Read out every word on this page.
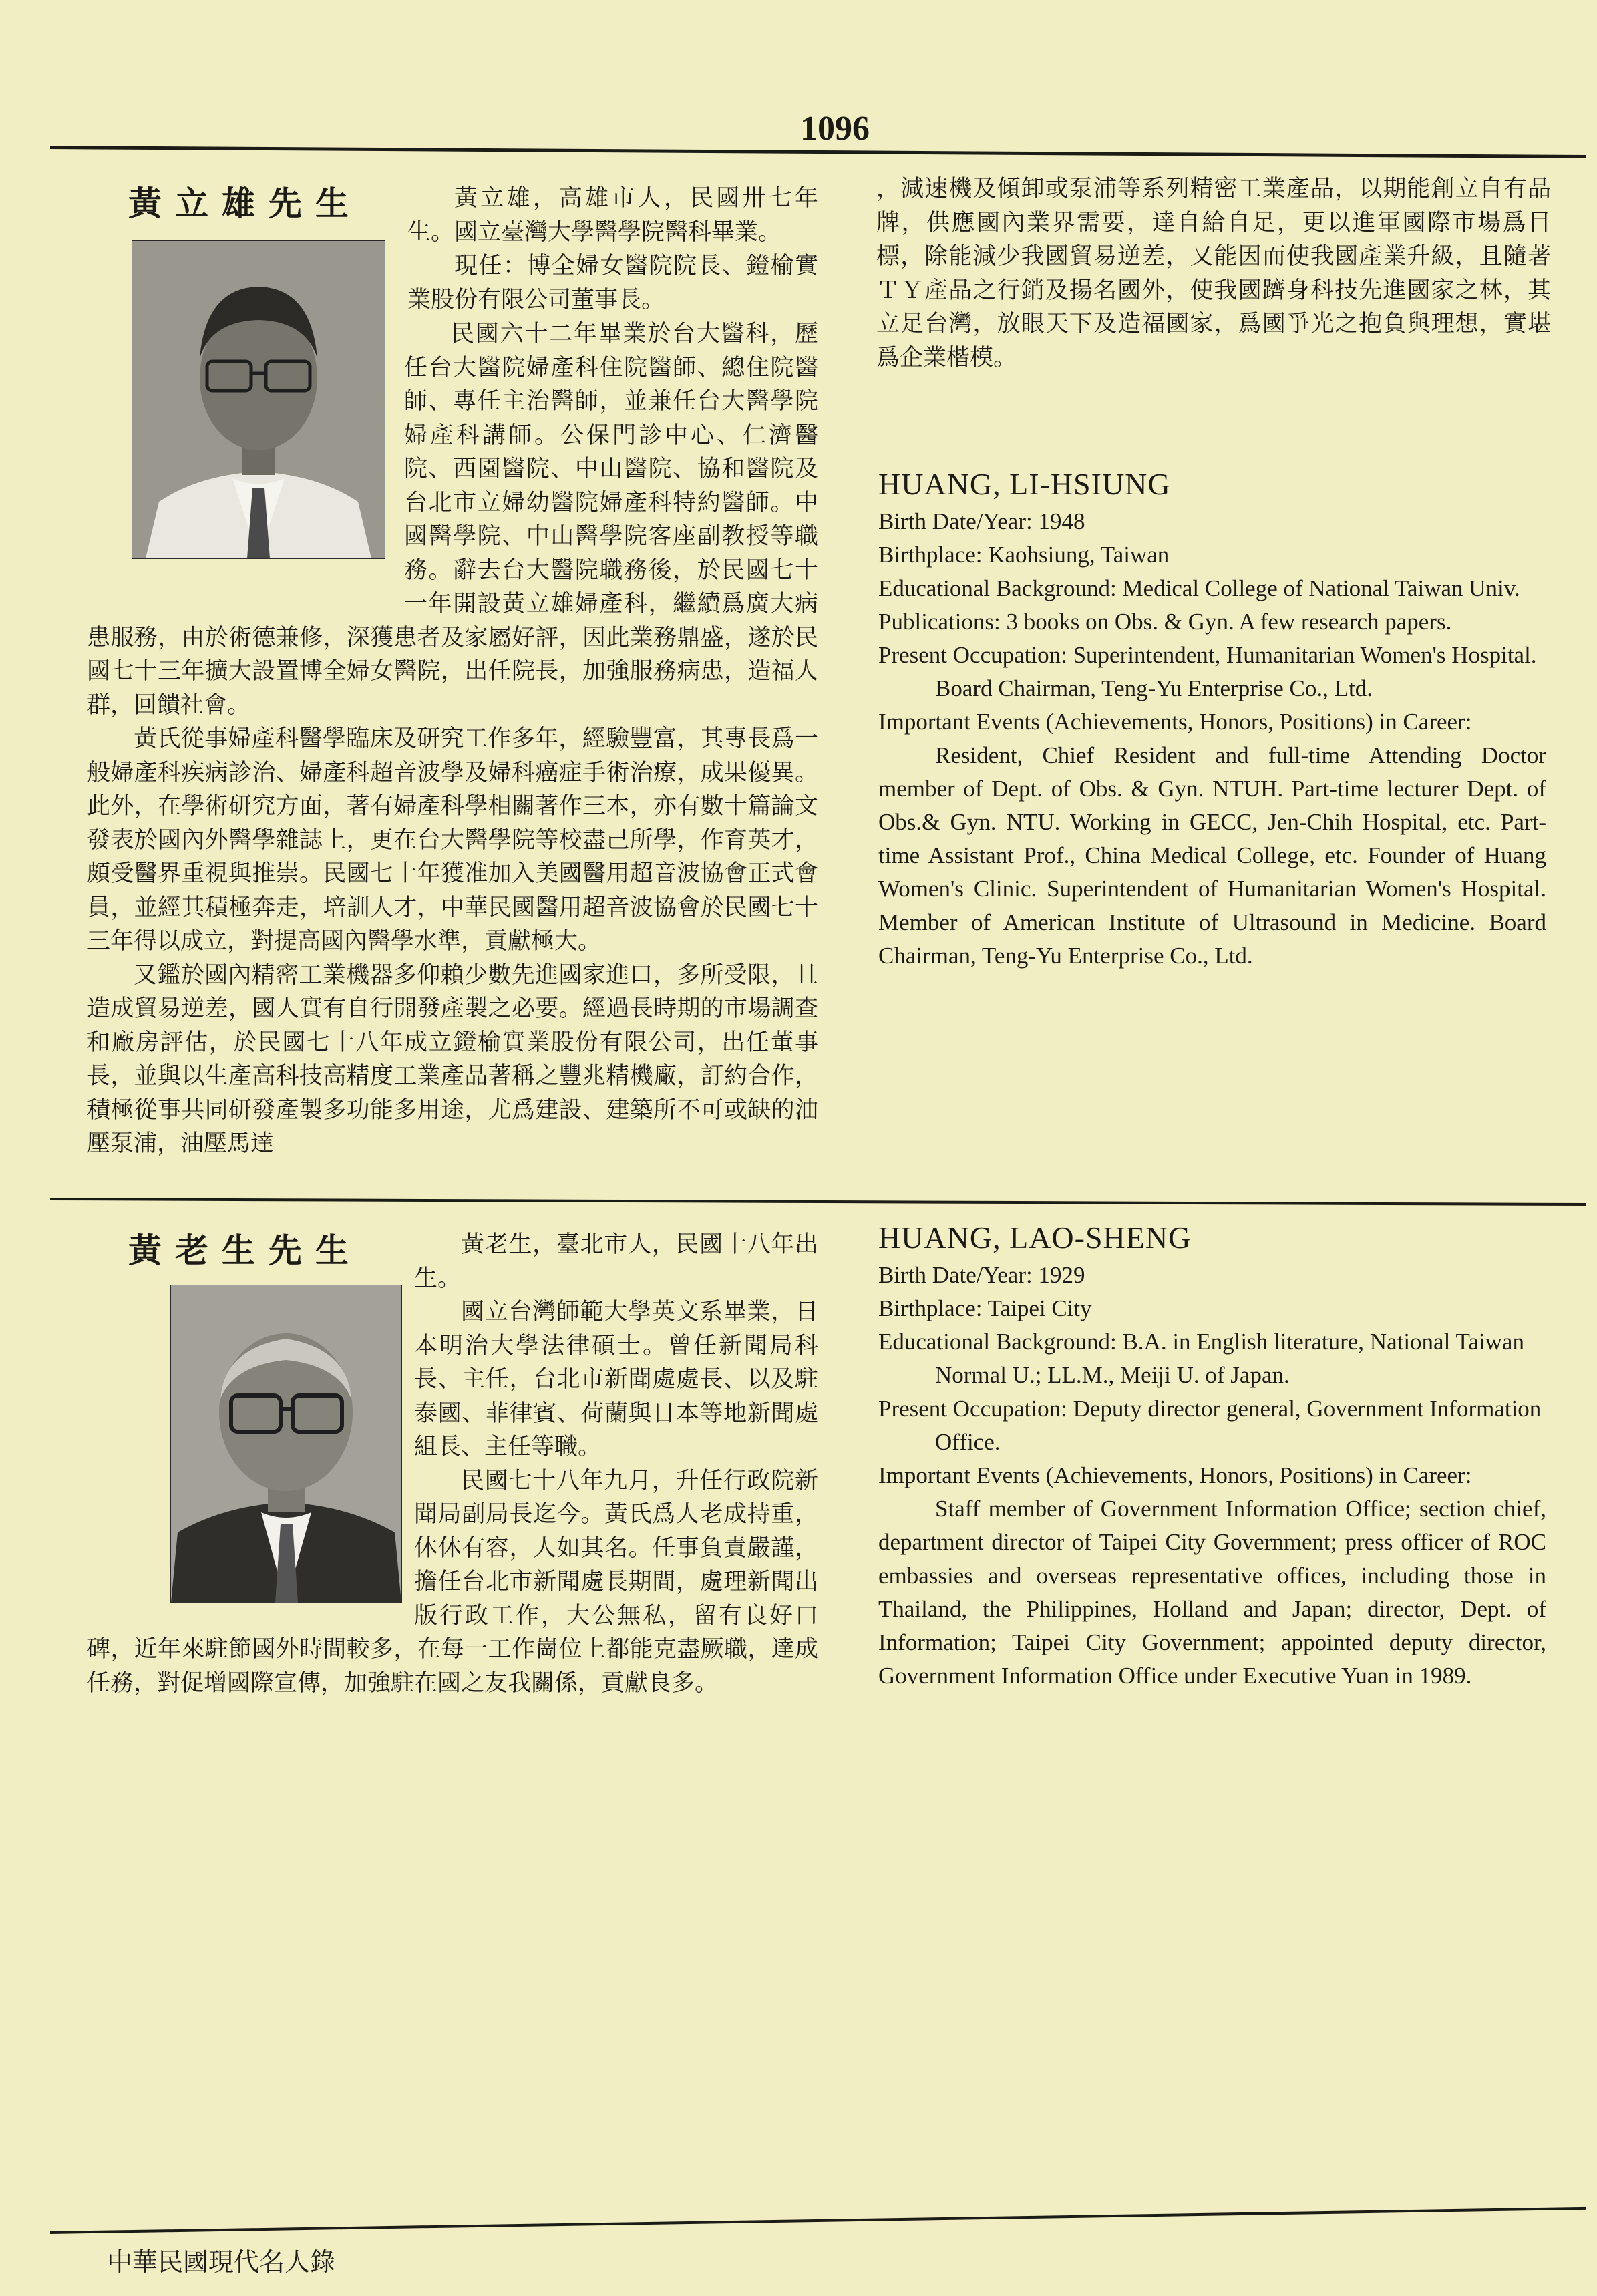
1096
黃立雄先生	黃立雄，高雄市人，民國卅七年生。國立臺灣大學醫學院醫科畢業。

現任：博全婦女醫院院長、鐙榆實業股份有限公司董事長。

民國六十二年畢業於台大醫科，歷任台大醫院婦產科住院醫師、總住院醫師、專任主治醫師，並兼任台大醫學院婦產科講師。公保門診中心、仁濟醫院、西園醫院、中山醫院、協和醫院及台北市立婦幼醫院婦產科特約醫師。中國醫學院、中山醫學院客座副教授等職務。辭去台大醫院職務後，於民國七十一年開設黃立雄婦產科，繼續爲廣大病患服務，由於術德兼修，深獲患者及家屬好評，因此業務鼎盛，遂於民國七十三年擴大設置博全婦女醫院，出任院長，加強服務病患，造福人群，回饋社會。

黃氏從事婦產科醫學臨床及研究工作多年，經驗豐富，其專長爲一般婦產科疾病診治、婦產科超音波學及婦科癌症手術治療，成果優異。此外，在學術研究方面，著有婦產科學相關著作三本，亦有數十篇論文發表於國內外醫學雜誌上，更在台大醫學院等校盡己所學，作育英才，頗受醫界重視與推崇。民國七十年獲准加入美國醫用超音波協會正式會員，並經其積極奔走，培訓人才，中華民國醫用超音波協會於民國七十三年得以成立，對提高國內醫學水準，貢獻極大。

又鑑於國內精密工業機器多仰賴少數先進國家進口，多所受限，且造成貿易逆差，國人實有自行開發產製之必要。經過長時期的市場調查和廠房評估，於民國七十八年成立鐙榆實業股份有限公司，出任董事長，並與以生產高科技高精度工業產品著稱之豐兆精機廠，訂約合作，積極從事共同研發產製多功能多用途，尤爲建設、建築所不可或缺的油壓泵浦，油壓馬達

，減速機及傾卸或泵浦等系列精密工業產品，以期能創立自有品牌，供應國內業界需要，達自給自足，更以進軍國際市場爲目標，除能減少我國貿易逆差，又能因而使我國產業升級，且隨著ＴＹ產品之行銷及揚名國外，使我國躋身科技先進國家之林，其立足台灣，放眼天下及造福國家，爲國爭光之抱負與理想，實堪爲企業楷模。

HUANG, LI-HSIUNG

Birth Date/Year: 1948

Birthplace: Kaohsiung, Taiwan

Educational Background: Medical College of National Taiwan Univ.

Publications: 3 books on Obs. & Gyn. A few research papers.

Present Occupation: Superintendent, Humanitarian Women's Hospital. Board Chairman, Teng-Yu Enterprise Co., Ltd.

Important Events (Achievements, Honors, Positions) in Career:

Resident, Chief Resident and full-time Attending Doctor member of Dept. of Obs. & Gyn. NTUH. Part-time lecturer Dept. of Obs.& Gyn. NTU. Working in GECC, Jen-Chih Hospital, etc. Part-time Assistant Prof., China Medical College, etc. Founder of Huang Women's Clinic. Superintendent of Humanitarian Women's Hospital. Member of American Institute of Ultrasound in Medicine. Board Chairman, Teng-Yu Enterprise Co., Ltd.

黃老生先生	黃老生，臺北市人，民國十八年出生。

國立台灣師範大學英文系畢業，日本明治大學法律碩士。曾任新聞局科長、主任，台北市新聞處處長、以及駐泰國、菲律賓、荷蘭與日本等地新聞處組長、主任等職。

民國七十八年九月，升任行政院新聞局副局長迄今。黃氏爲人老成持重，休休有容，人如其名。任事負責嚴謹，擔任台北市新聞處長期間，處理新聞出版行政工作，大公無私，留有良好口碑，近年來駐節國外時間較多，在每一工作崗位上都能克盡厥職，達成任務，對促增國際宣傳，加強駐在國之友我關係，貢獻良多。

HUANG, LAO-SHENG

Birth Date/Year: 1929

Birthplace: Taipei City

Educational Background: B.A. in English literature, National Taiwan Normal U.; LL.M., Meiji U. of Japan.

Present Occupation: Deputy director general, Government Information Office.

Important Events (Achievements, Honors, Positions) in Career:

Staff member of Government Information Office; section chief, department director of Taipei City Government; press officer of ROC embassies and overseas representative offices, including those in Thailand, the Philippines, Holland and Japan; director, Dept. of Information; Taipei City Government; appointed deputy director, Government Information Office under Executive Yuan in 1989.

中華民國現代名人錄
